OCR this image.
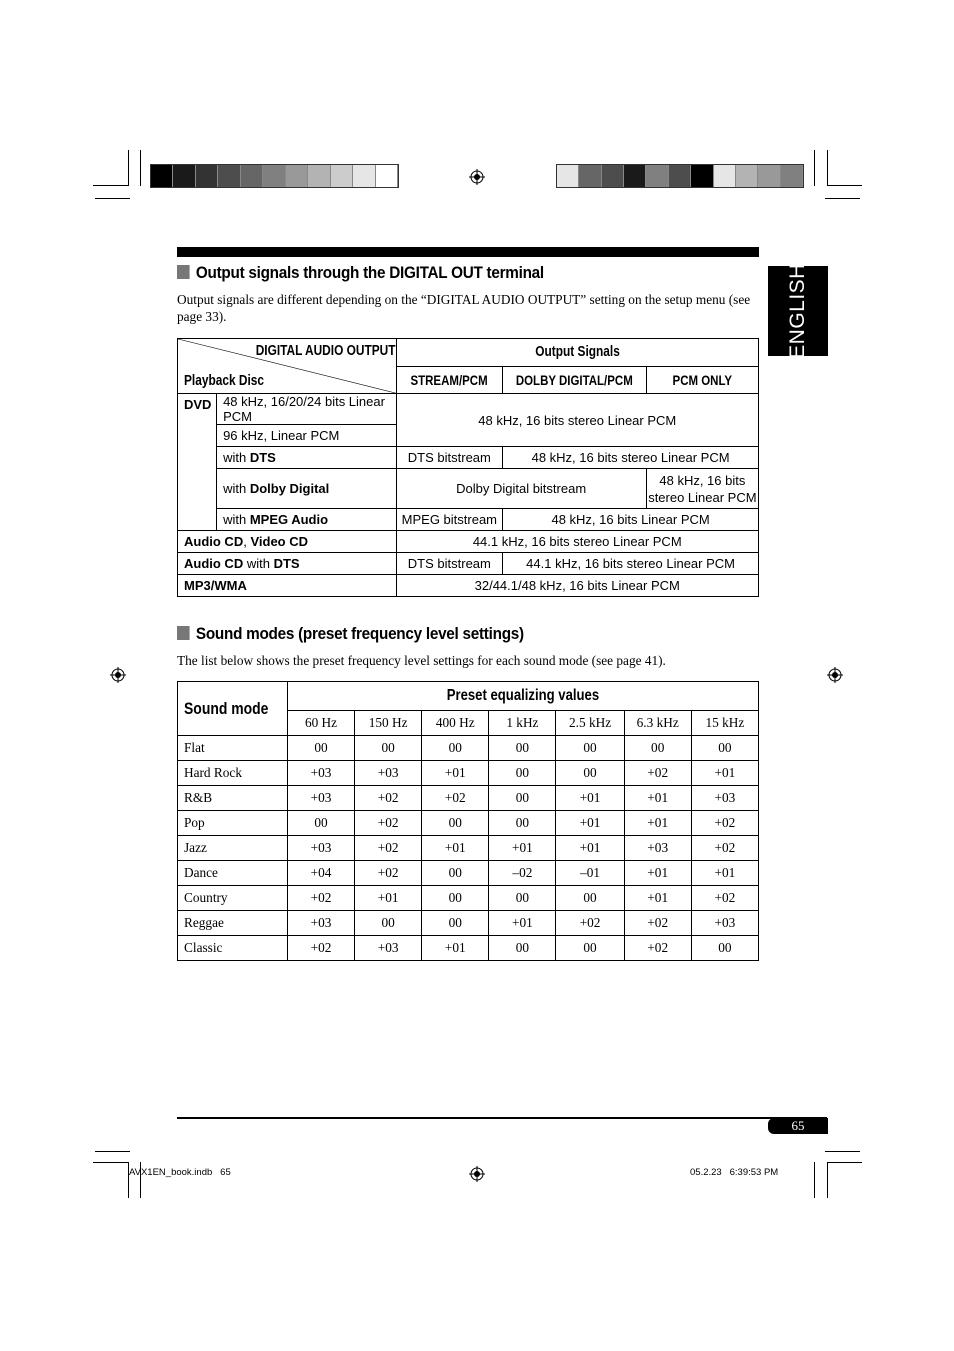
ENGLISH
Output signals through the DIGITAL OUT terminal
Output signals are different depending on the “DIGITAL AUDIO OUTPUT” setting on the setup menu (see page 33).
DIGITAL AUDIO OUTPUT
Playback Disc		Output Signals		
		STREAM/PCM	DOLBY DIGITAL/PCM	PCM ONLY
DVD	48 kHz, 16/20/24 bits Linear PCM	48 kHz, 16 bits stereo Linear PCM		
	96 kHz, Linear PCM			
	with DTS	DTS bitstream	48 kHz, 16 bits stereo Linear PCM	
	with Dolby Digital	Dolby Digital bitstream		48 kHz, 16 bits
stereo Linear PCM
	with MPEG Audio	MPEG bitstream	48 kHz, 16 bits Linear PCM	
Audio CD, Video CD		44.1 kHz, 16 bits stereo Linear PCM		
Audio CD with DTS		DTS bitstream	44.1 kHz, 16 bits stereo Linear PCM	
MP3/WMA		32/44.1/48 kHz, 16 bits Linear PCM		
Sound modes (preset frequency level settings)
The list below shows the preset frequency level settings for each sound mode (see page 41).
Sound mode	Preset equalizing values						
	60 Hz	150 Hz	400 Hz	1 kHz	2.5 kHz	6.3 kHz	15 kHz
Flat	00	00	00	00	00	00	00
Hard Rock	+03	+03	+01	00	00	+02	+01
R&B	+03	+02	+02	00	+01	+01	+03
Pop	00	+02	00	00	+01	+01	+02
Jazz	+03	+02	+01	+01	+01	+03	+02
Dance	+04	+02	00	–02	–01	+01	+01
Country	+02	+01	00	00	00	+01	+02
Reggae	+03	00	00	+01	+02	+02	+03
Classic	+02	+03	+01	00	00	+02	00
65
AVX1EN_book.indb   65	05.2.23   6:39:53 PM
